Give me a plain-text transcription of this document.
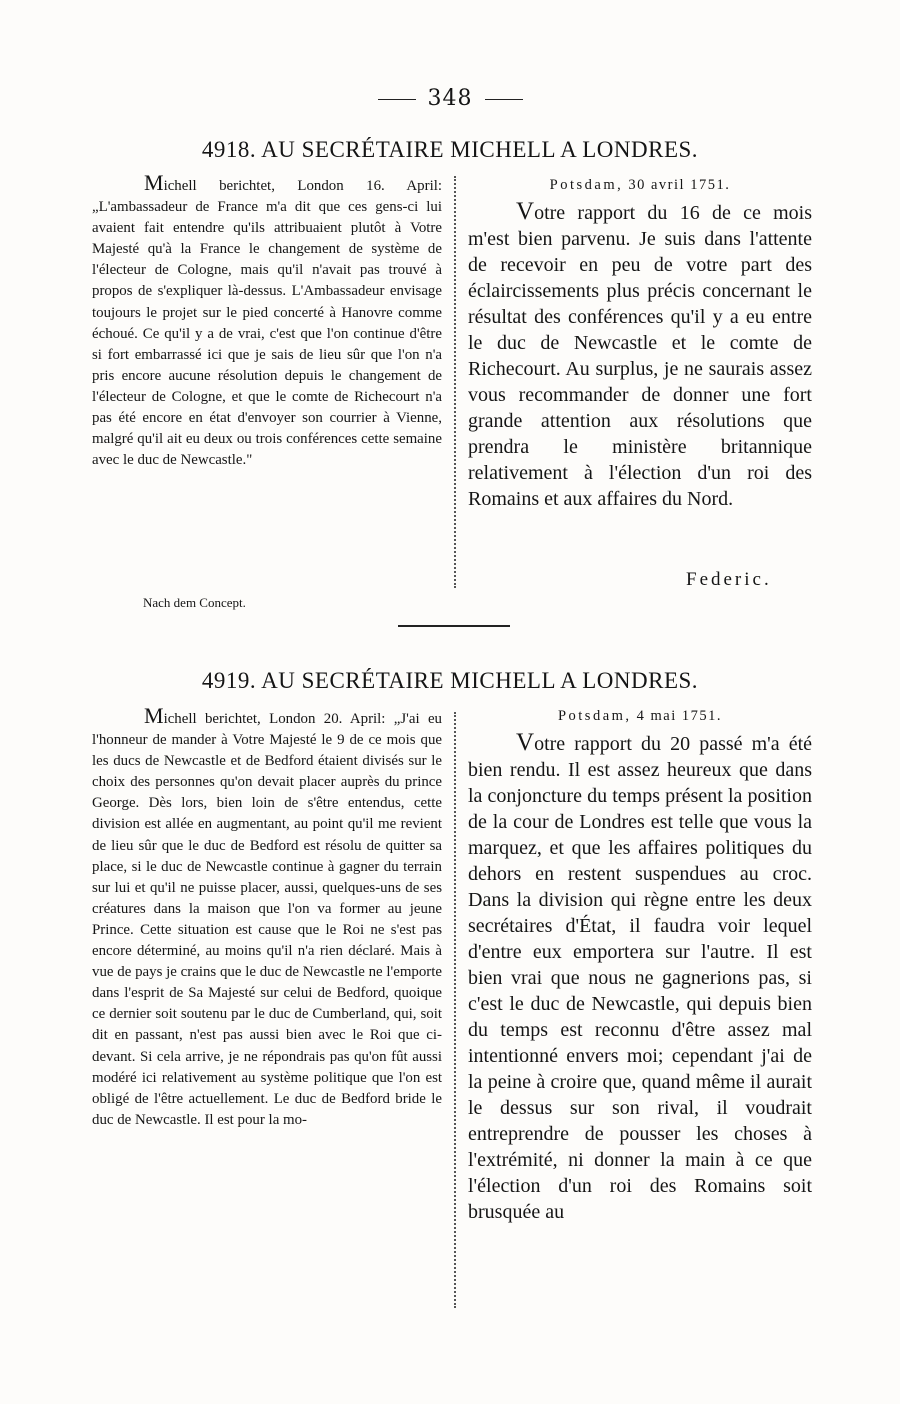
348
4918. AU SECRÉTAIRE MICHELL A LONDRES.

Michell berichtet, London 16. April: „L'ambassadeur de France m'a dit que ces gens-ci lui avaient fait entendre qu'ils attribuaient plutôt à Votre Majesté qu'à la France le changement de système de l'électeur de Cologne, mais qu'il n'avait pas trouvé à propos de s'expliquer là-dessus. L'Ambassadeur envisage toujours le projet sur le pied concerté à Hanovre comme échoué. Ce qu'il y a de vrai, c'est que l'on continue d'être si fort embarrassé ici que je sais de lieu sûr que l'on n'a pris encore aucune résolution depuis le changement de l'électeur de Cologne, et que le comte de Richecourt n'a pas été encore en état d'envoyer son courrier à Vienne, malgré qu'il ait eu deux ou trois conférences cette semaine avec le duc de Newcastle."

Nach dem Concept.
Potsdam, 30 avril 1751.

Votre rapport du 16 de ce mois m'est bien parvenu. Je suis dans l'attente de recevoir en peu de votre part des éclaircissements plus précis concernant le résultat des conférences qu'il y a eu entre le duc de Newcastle et le comte de Richecourt. Au surplus, je ne saurais assez vous recommander de donner une fort grande attention aux résolutions que prendra le ministère britannique relativement à l'élection d'un roi des Romains et aux affaires du Nord.

Federic.
4919. AU SECRÉTAIRE MICHELL A LONDRES.

Michell berichtet, London 20. April: „J'ai eu l'honneur de mander à Votre Majesté le 9 de ce mois que les ducs de Newcastle et de Bedford étaient divisés sur le choix des personnes qu'on devait placer auprès du prince George. Dès lors, bien loin de s'être entendus, cette division est allée en augmentant, au point qu'il me revient de lieu sûr que le duc de Bedford est résolu de quitter sa place, si le duc de Newcastle continue à gagner du terrain sur lui et qu'il ne puisse placer, aussi, quelques-uns de ses créatures dans la maison que l'on va former au jeune Prince. Cette situation est cause que le Roi ne s'est pas encore déterminé, au moins qu'il n'a rien déclaré. Mais à vue de pays je crains que le duc de Newcastle ne l'emporte dans l'esprit de Sa Majesté sur celui de Bedford, quoique ce dernier soit soutenu par le duc de Cumberland, qui, soit dit en passant, n'est pas aussi bien avec le Roi que ci-devant. Si cela arrive, je ne répondrais pas qu'on fût aussi modéré ici relativement au système politique que l'on est obligé de l'être actuellement. Le duc de Bedford bride le duc de Newcastle. Il est pour la mo-

Potsdam, 4 mai 1751.

Votre rapport du 20 passé m'a été bien rendu. Il est assez heureux que dans la conjoncture du temps présent la position de la cour de Londres est telle que vous la marquez, et que les affaires politiques du dehors en restent suspendues au croc. Dans la division qui règne entre les deux secrétaires d'État, il faudra voir lequel d'entre eux emportera sur l'autre. Il est bien vrai que nous ne gagnerions pas, si c'est le duc de Newcastle, qui depuis bien du temps est reconnu d'être assez mal intentionné envers moi; cependant j'ai de la peine à croire que, quand même il aurait le dessus sur son rival, il voudrait entreprendre de pousser les choses à l'extrémité, ni donner la main à ce que l'élection d'un roi des Romains soit brusquée au
